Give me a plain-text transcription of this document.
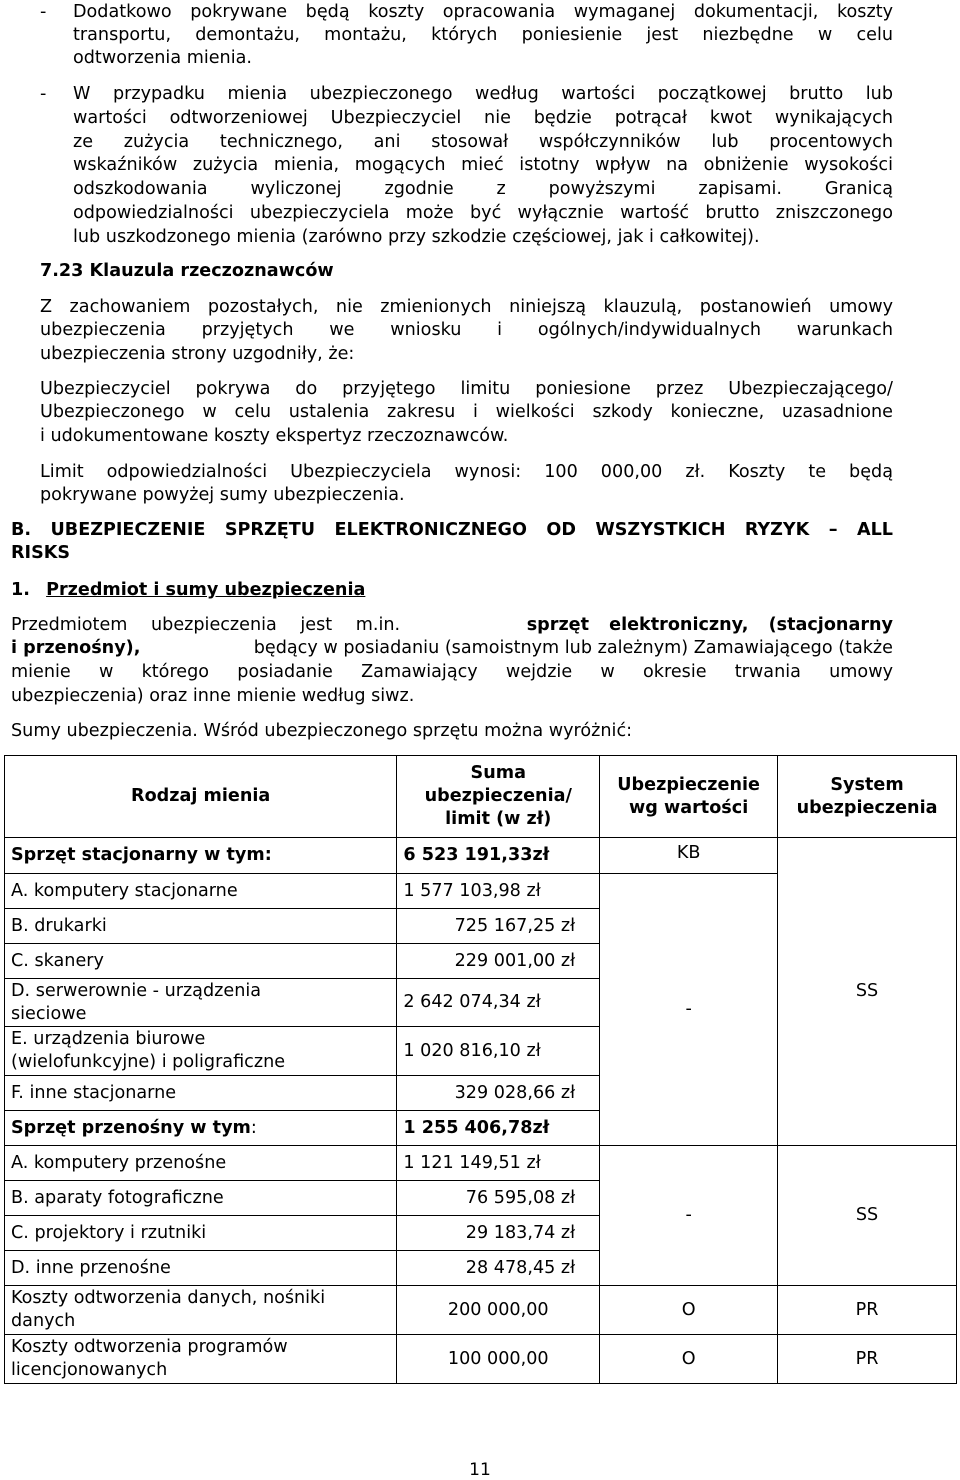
- Dodatkowo pokrywane będą koszty opracowania wymaganej dokumentacji, koszty
transportu, demontażu, montażu, których poniesienie jest niezbędne w celu
odtworzenia mienia.
- W przypadku mienia ubezpieczonego według wartości początkowej brutto lub
wartości odtworzeniowej Ubezpieczyciel nie będzie potrącał kwot wynikających
ze zużycia technicznego, ani stosował współczynników lub procentowych
wskaźników zużycia mienia, mogących mieć istotny wpływ na obniżenie wysokości
odszkodowania wyliczonej zgodnie z powyższymi zapisami. Granicą
odpowiedzialności ubezpieczyciela może być wyłącznie wartość brutto zniszczonego
lub uszkodzonego mienia (zarówno przy szkodzie częściowej, jak i całkowitej).
7.23 Klauzula rzeczoznawców
Z zachowaniem pozostałych, nie zmienionych niniejszą klauzulą, postanowień umowy
ubezpieczenia przyjętych we wniosku i ogólnych/indywidualnych warunkach
ubezpieczenia strony uzgodniły, że:
Ubezpieczyciel pokrywa do przyjętego limitu poniesione przez Ubezpieczającego/
Ubezpieczonego w celu ustalenia zakresu i wielkości szkody konieczne, uzasadnione
i udokumentowane koszty ekspertyz rzeczoznawców.
Limit odpowiedzialności Ubezpieczyciela wynosi: 100 000,00 zł. Koszty te będą
pokrywane powyżej sumy ubezpieczenia.
B. UBEZPIECZENIE SPRZĘTU ELEKTRONICZNEGO OD WSZYSTKICH RYZYK – ALL
RISKS
1. Przedmiot i sumy ubezpieczenia
Przedmiotem ubezpieczenia jest m.in.	sprzęt elektroniczny, (stacjonarny
i przenośny),	będący w posiadaniu (samoistnym lub zależnym) Zamawiającego (także
mienie w którego posiadanie Zamawiający wejdzie w okresie trwania umowy
ubezpieczenia) oraz inne mienie według siwz.
Sumy ubezpieczenia. Wśród ubezpieczonego sprzętu można wyróżnić:
Rodzaj mienia	Suma ubezpieczenia/ limit (w zł)	Ubezpieczenie wg wartości	System ubezpieczenia
Sprzęt stacjonarny w tym:	6 523 191,33zł	KB	SS
A. komputery stacjonarne	1 577 103,98 zł	-	
B. drukarki	725 167,25 zł		
C. skanery	229 001,00 zł		
D. serwerownie - urządzenia sieciowe	2 642 074,34 zł		
E. urządzenia biurowe (wielofunkcyjne) i poligraficzne	1 020 816,10 zł		
F. inne stacjonarne	329 028,66 zł		
Sprzęt przenośny w tym:	1 255 406,78zł		
A. komputery przenośne	1 121 149,51 zł	-	SS
B. aparaty fotograficzne	76 595,08 zł		
C. projektory i rzutniki	29 183,74 zł		
D. inne przenośne	28 478,45 zł		
Koszty odtworzenia danych, nośniki danych	200 000,00	O	PR
Koszty odtworzenia programów licencjonowanych	100 000,00	O	PR
11
